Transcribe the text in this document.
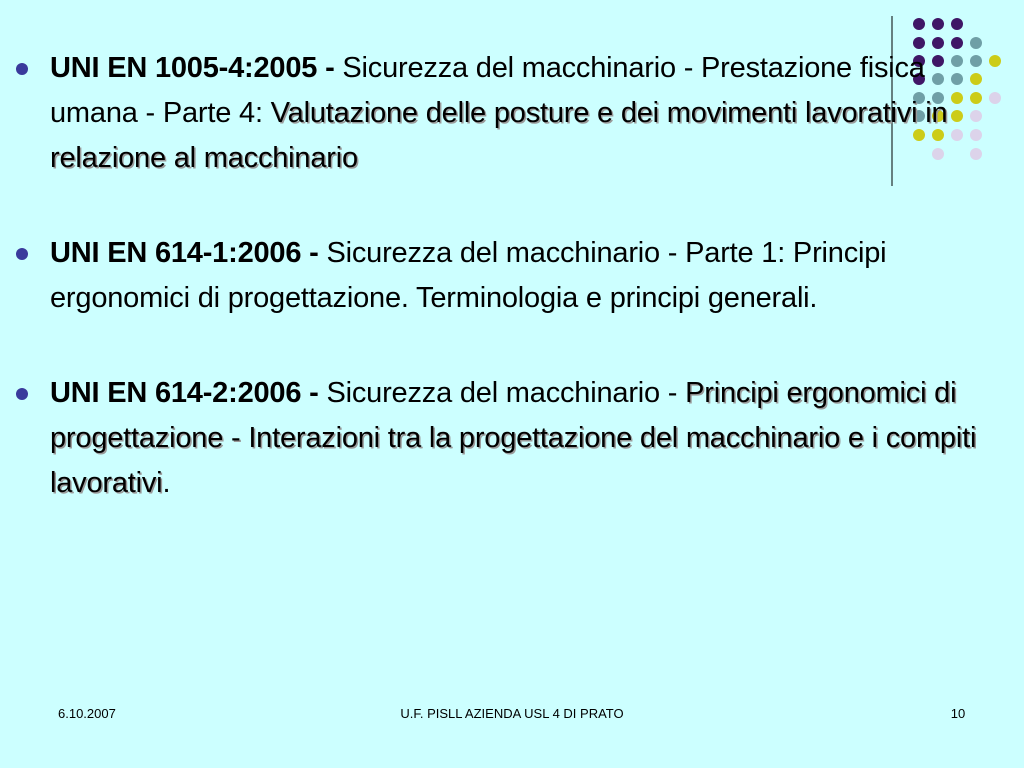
UNI EN 1005-4:2005 - Sicurezza del macchinario - Prestazione fisica umana - Parte 4: Valutazione delle posture e dei movimenti lavorativi in relazione al macchinario
UNI EN 614-1:2006 - Sicurezza del macchinario - Parte 1: Principi ergonomici di progettazione. Terminologia e principi generali.
UNI EN 614-2:2006 - Sicurezza del macchinario - Principi ergonomici di progettazione - Interazioni tra la progettazione del macchinario e i compiti lavorativi.
6.10.2007	U.F. PISLL AZIENDA USL 4 DI PRATO	10
